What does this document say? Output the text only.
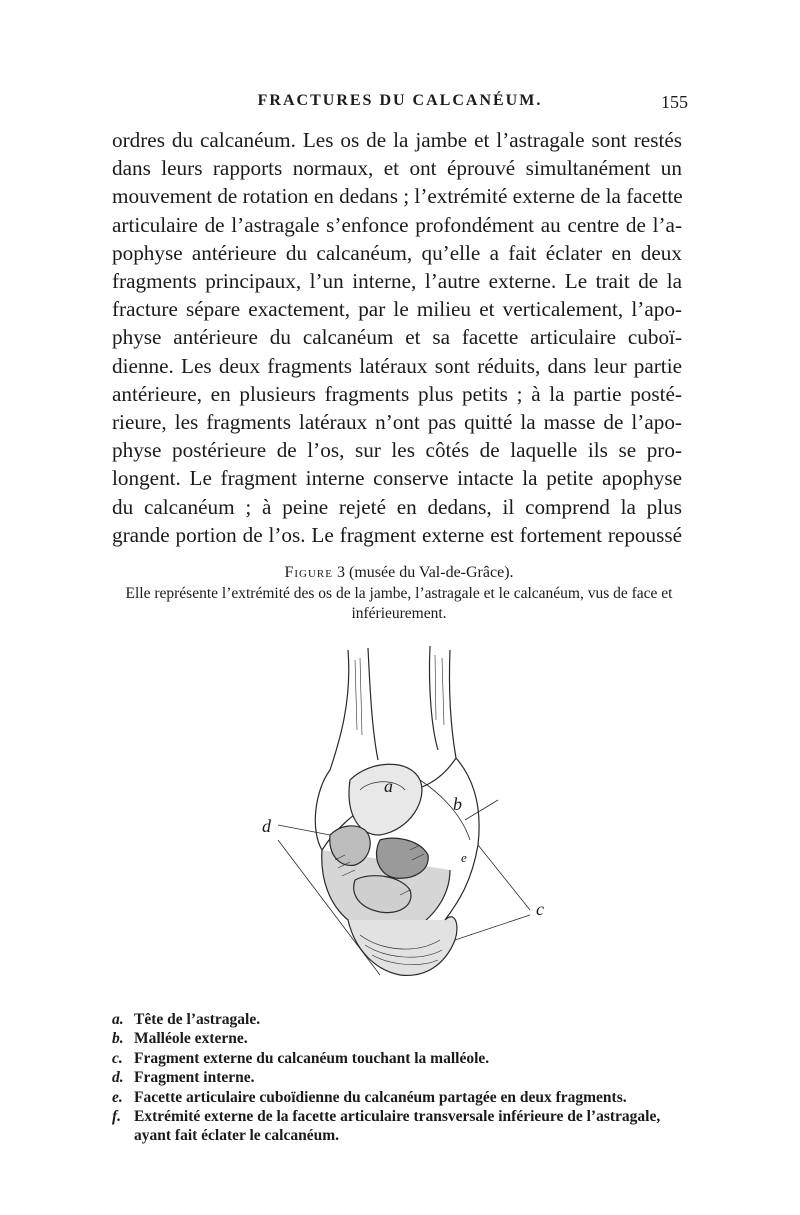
FRACTURES DU CALCANÉUM.	155
ordres du calcanéum. Les os de la jambe et l’astragale sont restés
dans leurs rapports normaux, et ont éprouvé simultanément un
mouvement de rotation en dedans ; l’extrémité externe de la facette
articulaire de l’astragale s’enfonce profondément au centre de l’a-
pophyse antérieure du calcanéum, qu’elle a fait éclater en deux
fragments principaux, l’un interne, l’autre externe. Le trait de la
fracture sépare exactement, par le milieu et verticalement, l’apo-
physe antérieure du calcanéum et sa facette articulaire cuboï-
dienne. Les deux fragments latéraux sont réduits, dans leur partie
antérieure, en plusieurs fragments plus petits ; à la partie posté-
rieure, les fragments latéraux n’ont pas quitté la masse de l’apo-
physe postérieure de l’os, sur les côtés de laquelle ils se pro-
longent. Le fragment interne conserve intacte la petite apophyse
du calcanéum ; à peine rejeté en dedans, il comprend la plus
grande portion de l’os. Le fragment externe est fortement repoussé
Figure 3 (musée du Val-de-Grâce).
Elle représente l’extrémité des os de la jambe, l’astragale et le calcanéum, vus de face et inférieurement.
a
b
c
d
e
a. Tête de l’astragale.
b. Malléole externe.
c. Fragment externe du calcanéum touchant la malléole.
d. Fragment interne.
e. Facette articulaire cuboïdienne du calcanéum partagée en deux fragments.
f. Extrémité externe de la facette articulaire transversale inférieure de l’astragale, ayant fait éclater le calcanéum.
